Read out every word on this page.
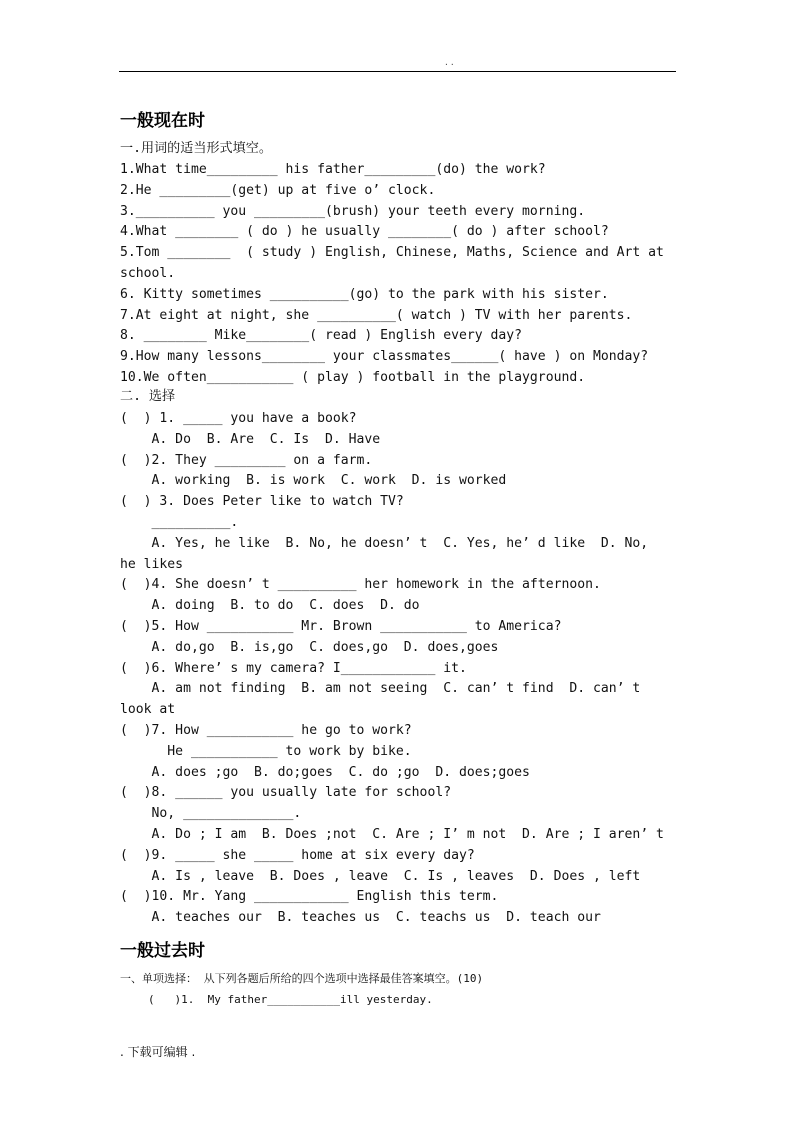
..
一般现在时
一.用词的适当形式填空。
1.What time_________ his father_________(do) the work?
2.He _________(get) up at five o’ clock.
3.__________ you _________(brush) your teeth every morning.
4.What ________ ( do ) he usually ________( do ) after school?
5.Tom ________  ( study ) English, Chinese, Maths, Science and Art at
school.
6. Kitty sometimes __________(go) to the park with his sister.
7.At eight at night, she __________( watch ) TV with her parents.
8. ________ Mike________( read ) English every day?
9.How many lessons________ your classmates______( have ) on Monday?
10.We often___________ ( play ) football in the playground.
二. 选择
(  ) 1. _____ you have a book?
A. Do  B. Are  C. Is  D. Have
(  )2. They _________ on a farm.
A. working  B. is work  C. work  D. is worked
(  ) 3. Does Peter like to watch TV?
__________.
A. Yes, he like  B. No, he doesn’ t  C. Yes, he’ d like  D. No,
he likes
(  )4. She doesn’ t __________ her homework in the afternoon.
A. doing  B. to do  C. does  D. do
(  )5. How ___________ Mr. Brown ___________ to America?
A. do,go  B. is,go  C. does,go  D. does,goes
(  )6. Where’ s my camera? I____________ it.
A. am not finding  B. am not seeing  C. can’ t find  D. can’ t
look at
(  )7. How ___________ he go to work?
He ___________ to work by bike.
A. does ;go  B. do;goes  C. do ;go  D. does;goes
(  )8. ______ you usually late for school?
No, ______________.
A. Do ; I am  B. Does ;not  C. Are ; I’ m not  D. Are ; I aren’ t
(  )9. _____ she _____ home at six every day?
A. Is , leave  B. Does , leave  C. Is , leaves  D. Does , left
(  )10. Mr. Yang ____________ English this term.
A. teaches our  B. teaches us  C. teachs us  D. teach our
一般过去时
一、单项选择： 从下列各题后所给的四个选项中选择最佳答案填空。(10)
(   )1.  My father___________ill yesterday.
. 下载可编辑 .
